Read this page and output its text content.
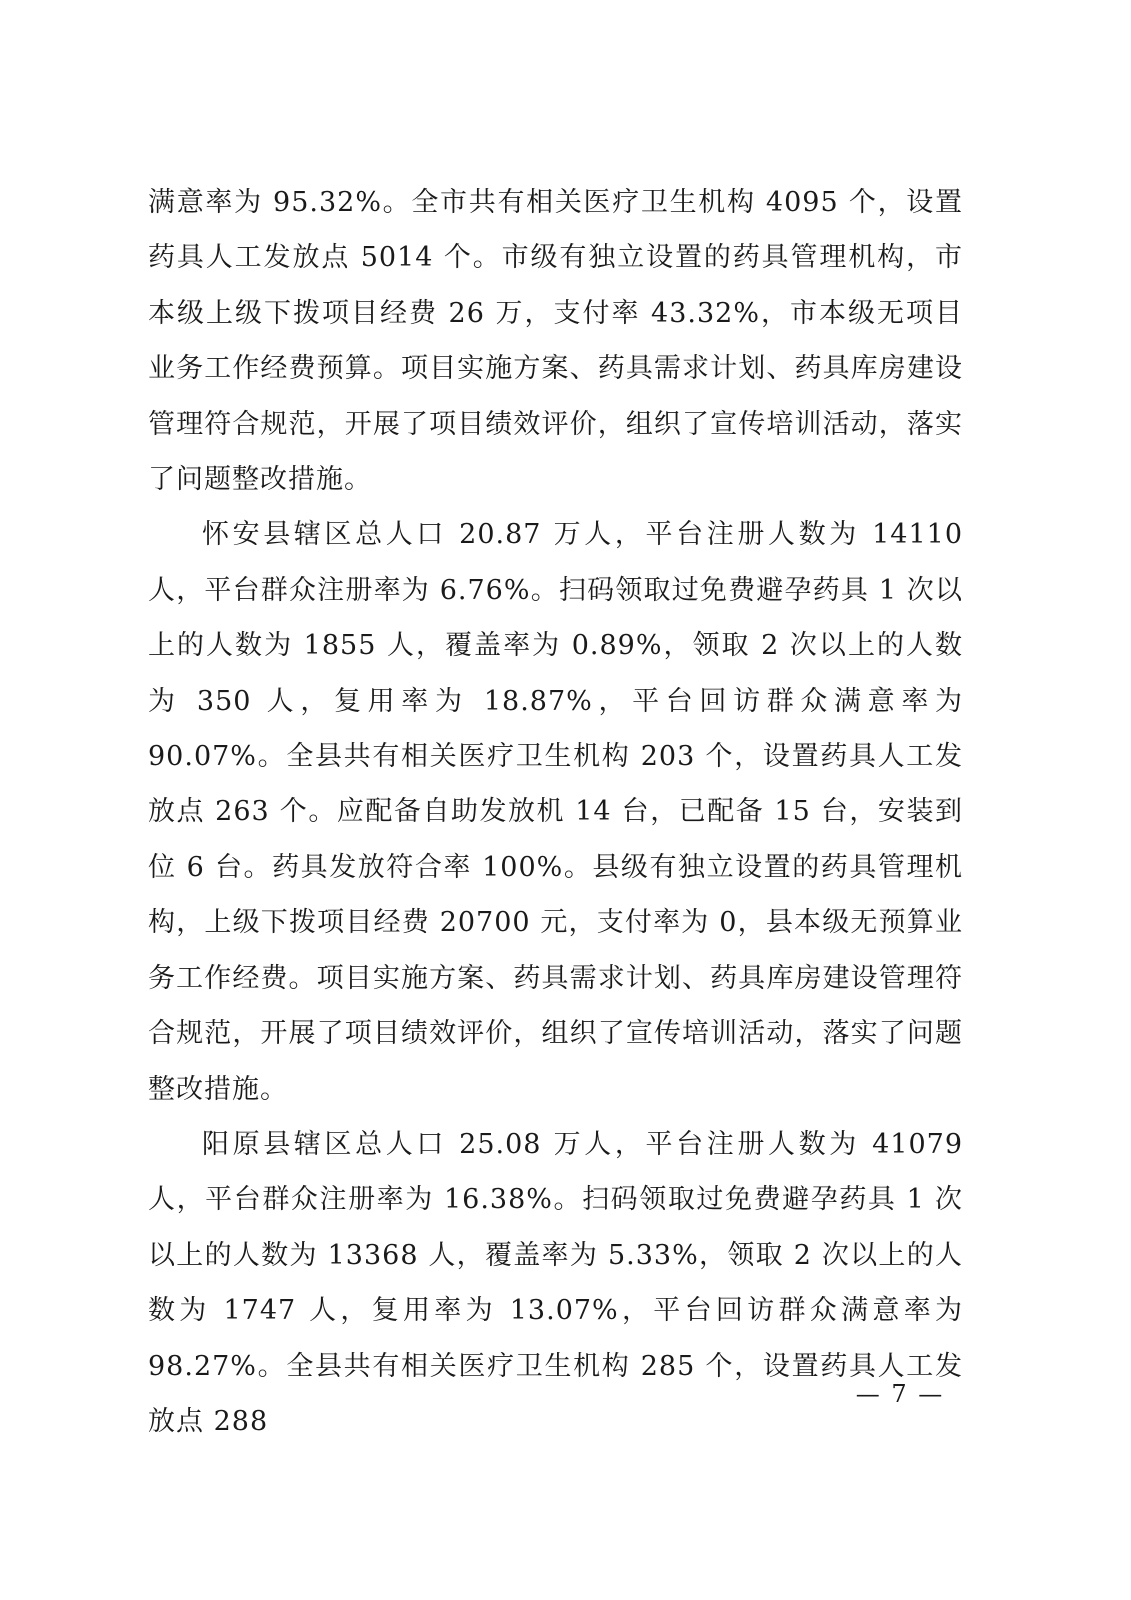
满意率为 95.32%。全市共有相关医疗卫生机构 4095 个，设置药具人工发放点 5014 个。市级有独立设置的药具管理机构，市本级上级下拨项目经费 26 万，支付率 43.32%，市本级无项目业务工作经费预算。项目实施方案、药具需求计划、药具库房建设管理符合规范，开展了项目绩效评价，组织了宣传培训活动，落实了问题整改措施。

怀安县辖区总人口 20.87 万人，平台注册人数为 14110 人，平台群众注册率为 6.76%。扫码领取过免费避孕药具 1 次以上的人数为 1855 人，覆盖率为 0.89%，领取 2 次以上的人数为 350 人，复用率为 18.87%，平台回访群众满意率为 90.07%。全县共有相关医疗卫生机构 203 个，设置药具人工发放点 263 个。应配备自助发放机 14 台，已配备 15 台，安装到位 6 台。药具发放符合率 100%。县级有独立设置的药具管理机构，上级下拨项目经费 20700 元，支付率为 0，县本级无预算业务工作经费。项目实施方案、药具需求计划、药具库房建设管理符合规范，开展了项目绩效评价，组织了宣传培训活动，落实了问题整改措施。

阳原县辖区总人口 25.08 万人，平台注册人数为 41079 人，平台群众注册率为 16.38%。扫码领取过免费避孕药具 1 次以上的人数为 13368 人，覆盖率为 5.33%，领取 2 次以上的人数为 1747 人，复用率为 13.07%，平台回访群众满意率为 98.27%。全县共有相关医疗卫生机构 285 个，设置药具人工发放点 288

— 7 —
